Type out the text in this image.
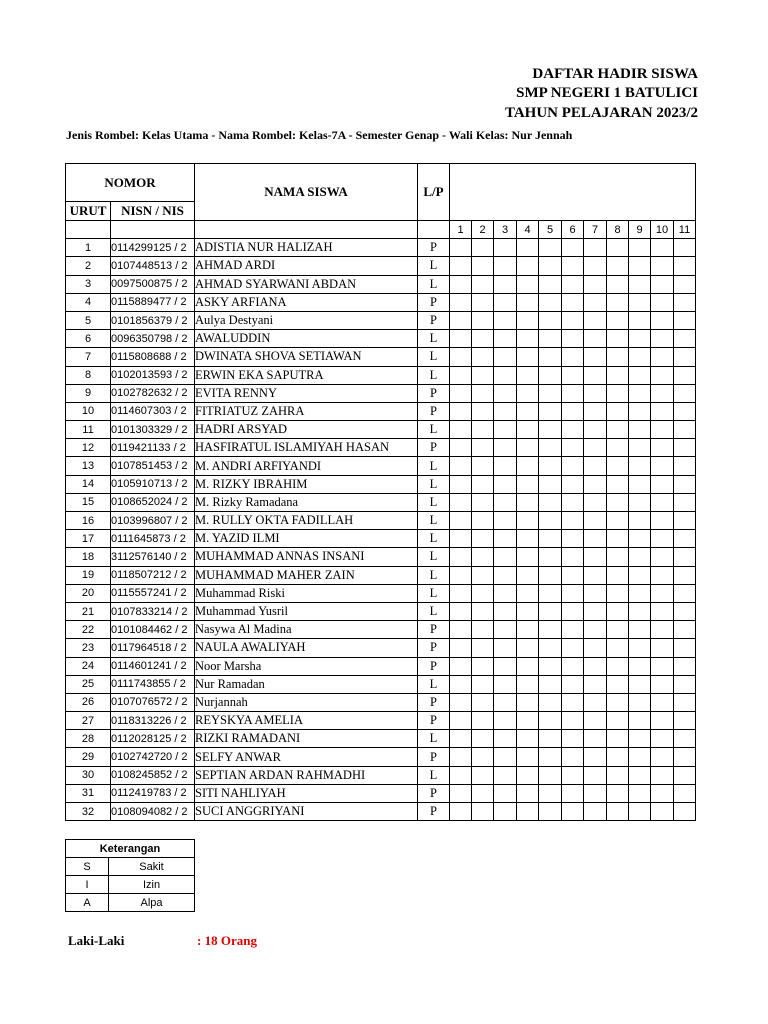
DAFTAR HADIR SISWA
SMP NEGERI 1 BATULICI
TAHUN PELAJARAN 2023/2
Jenis Rombel: Kelas Utama - Nama Rombel: Kelas-7A - Semester Genap - Wali Kelas: Nur Jennah
NOMOR		NAMA SISWA	L/P											
URUT	NISN / NIS													
				1	2	3	4	5	6	7	8	9	10	11
1	0114299125 / 2	ADISTIA NUR HALIZAH	P											
2	0107448513 / 2	AHMAD ARDI	L											
3	0097500875 / 2	AHMAD SYARWANI ABDAN	L											
4	0115889477 / 2	ASKY ARFIANA	P											
5	0101856379 / 2	Aulya Destyani	P											
6	0096350798 / 2	AWALUDDIN	L											
7	0115808688 / 2	DWINATA SHOVA SETIAWAN	L											
8	0102013593 / 2	ERWIN EKA SAPUTRA	L											
9	0102782632 / 2	EVITA RENNY	P											
10	0114607303 / 2	FITRIATUZ ZAHRA	P											
11	0101303329 / 2	HADRI ARSYAD	L											
12	0119421133 / 2	HASFIRATUL ISLAMIYAH HASAN	P											
13	0107851453 / 2	M. ANDRI ARFIYANDI	L											
14	0105910713 / 2	M. RIZKY IBRAHIM	L											
15	0108652024 / 2	M. Rizky Ramadana	L											
16	0103996807 / 2	M. RULLY OKTA FADILLAH	L											
17	0111645873 / 2	M. YAZID ILMI	L											
18	3112576140 / 2	MUHAMMAD ANNAS INSANI	L											
19	0118507212 / 2	MUHAMMAD MAHER ZAIN	L											
20	0115557241 / 2	Muhammad Riski	L											
21	0107833214 / 2	Muhammad Yusril	L											
22	0101084462 / 2	Nasywa Al Madina	P											
23	0117964518 / 2	NAULA AWALIYAH	P											
24	0114601241 / 2	Noor Marsha	P											
25	0111743855 / 2	Nur Ramadan	L											
26	0107076572 / 2	Nurjannah	P											
27	0118313226 / 2	REYSKYA AMELIA	P											
28	0112028125 / 2	RIZKI RAMADANI	L											
29	0102742720 / 2	SELFY ANWAR	P											
30	0108245852 / 2	SEPTIAN ARDAN RAHMADHI	L											
31	0112419783 / 2	SITI NAHLIYAH	P											
32	0108094082 / 2	SUCI ANGGRIYANI	P											
Keterangan	
S	Sakit
I	Izin
A	Alpa
Laki-Laki	: 18 Orang
